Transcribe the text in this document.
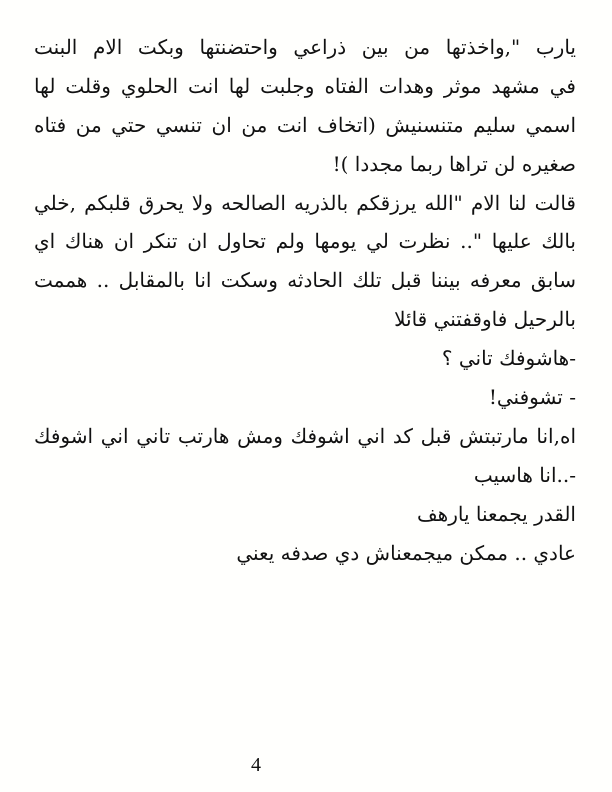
يارب ",واخذتها من بين ذراعي واحتضنتها وبكت الام البنت
في مشهد موثر وهدات الفتاه وجلبت لها انت الحلوي وقلت لها
اسمي سليم متنسنيش (اتخاف انت من ان تنسي حتي من فتاه
صغيره لن تراها ربما مجددا )!
قالت لنا الام "الله يرزقكم بالذريه الصالحه ولا يحرق قلبكم ,خلي
بالك عليها ".. نظرت لي يومها ولم تحاول ان تنكر ان هناك اي
سابق معرفه بيننا قبل تلك الحادثه وسكت انا بالمقابل .. هممت
بالرحيل فاوقفتني قائلا
-هاشوفك تاني ؟
- تشوفني!
اه,انا مارتبتش قبل كد اني اشوفك ومش هارتب تاني اني اشوفك
-..انا هاسيب
القدر يجمعنا يارهف
عادي .. ممكن ميجمعناش دي صدفه يعني
4
